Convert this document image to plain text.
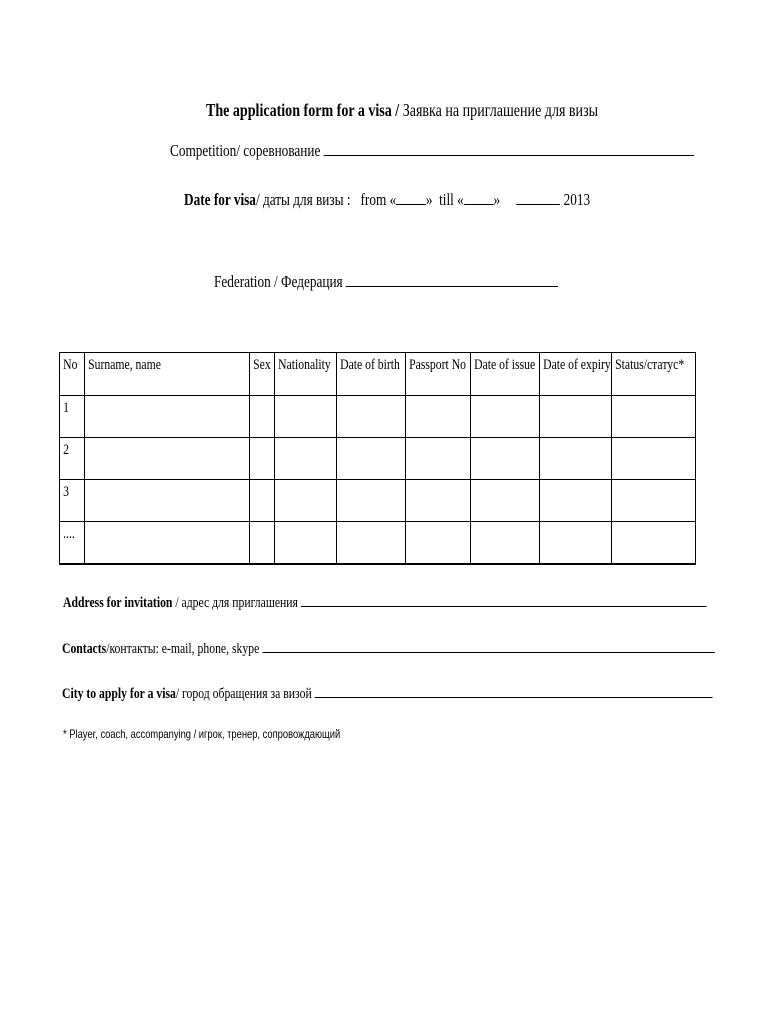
The application form for a visa / Заявка на приглашение для визы
Competition/ соревнование
Date for visa/ даты для визы : from « » till « »	2013
Federation / Федерация
No	Surname, name	Sex	Nationality	Date of birth	Passport No	Date of issue	Date of expiry	Status/статус*
1								
2								
3								
....								
Address for invitation / адрес для приглашения
Contacts/контакты: e-mail, phone, skype
City to apply for a visa/ город обращения за визой
* Player, coach, accompanying / игрок, тренер, сопровождающий
